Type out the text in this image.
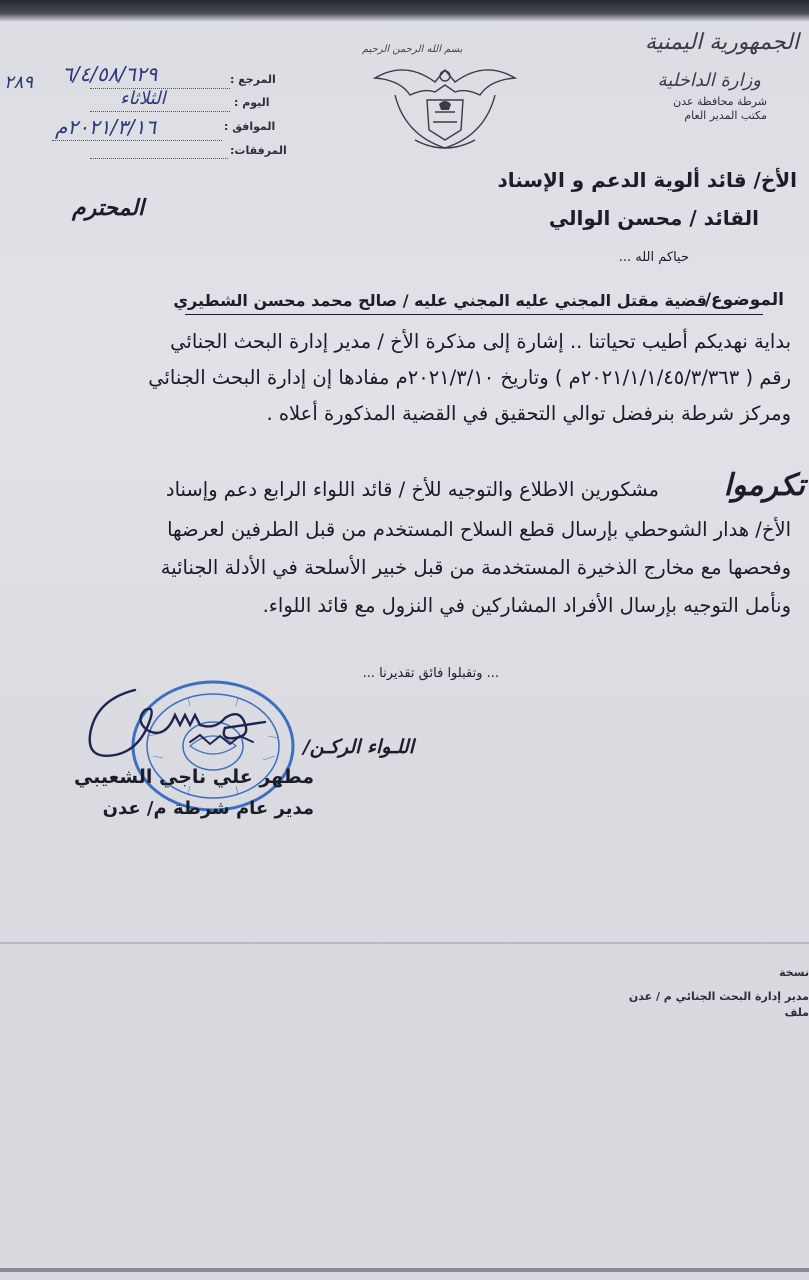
الجمهورية اليمنية
وزارة الداخلية
شرطة محافظة عدن
مكتب المدير العام
بسم الله الرحمن الرحيم
المرجع :
٦/٤/٥٨/٦٢٩
٢٨٩
اليوم :
الثلاثاء
الموافق :
٢٠٢١/٣/١٦م
المرفقات:
الأخ/ قائد ألوية الدعم و الإسناد
القائد / محسن الوالي
المحترم
حياكم الله ...
الموضوع/
قضية مقتل المجني عليه المجني عليه / صالح محمد محسن الشطيري
بداية نهديكم أطيب تحياتنا .. إشارة إلى مذكرة الأخ / مدير إدارة البحث الجنائي
رقم ( ٢٠٢١/١/١/٤٥/٣/٣٦٣م ) وتاريخ ٢٠٢١/٣/١٠م مفادها إن إدارة البحث الجنائي
ومركز شرطة بنرفضل توالي التحقيق في القضية المذكورة أعلاه .
تكرموا
مشكورين الاطلاع والتوجيه للأخ / قائد اللواء الرابع دعم وإسناد
الأخ/ هدار الشوحطي بإرسال قطع السلاح المستخدم من قبل الطرفين لعرضها
وفحصها مع مخارج الذخيرة المستخدمة من قبل خبير الأسلحة في الأدلة الجنائية
ونأمل التوجيه بإرسال الأفراد المشاركين في النزول مع قائد اللواء.
... وتقبلوا فائق تقديرنا ...
اللـواء الركـن/
مطهر علي ناجي الشعيبي
مدير عام شرطة م/ عدن
نسخة
مدير إدارة البحث الجنائي م / عدن
ملف
